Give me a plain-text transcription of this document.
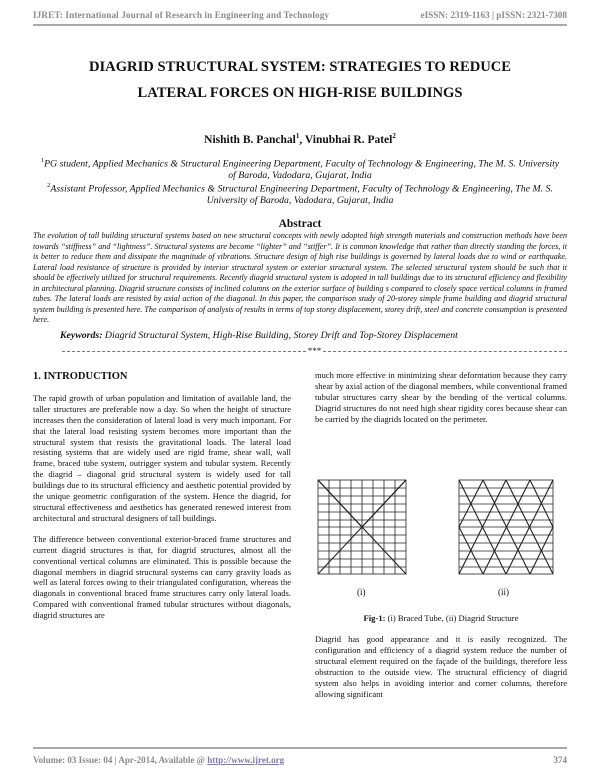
IJRET: International Journal of Research in Engineering and Technology	eISSN: 2319-1163 | pISSN: 2321-7308
DIAGRID STRUCTURAL SYSTEM: STRATEGIES TO REDUCE
LATERAL FORCES ON HIGH-RISE BUILDINGS
Nishith B. Panchal$^1$, Vinubhai R. Patel$^2$
$^1$PG student, Applied Mechanics & Structural Engineering Department, Faculty of Technology & Engineering, The M. S. University of Baroda, Vadodara, Gujarat, India
$^2$Assistant Professor, Applied Mechanics & Structural Engineering Department, Faculty of Technology & Engineering, The M. S. University of Baroda, Vadodara, Gujarat, India
Abstract
The evolution of tall building structural systems based on new structural concepts with newly adopted high strength materials and construction methods have been towards “stiffness” and “lightness”. Structural systems are become “lighter” and “stiffer”. It is common knowledge that rather than directly standing the forces, it is better to reduce them and dissipate the magnitude of vibrations. Structure design of high rise buildings is governed by lateral loads due to wind or earthquake. Lateral load resistance of structure is provided by interior structural system or exterior structural system. The selected structural system should be such that it should be effectively utilized for structural requirements. Recently diagrid structural system is adopted in tall buildings due to its structural efficiency and flexibility in architectural planning. Diagrid structure consists of inclined columns on the exterior surface of building s compared to closely space vertical columns in framed tubes. The lateral loads are resisted by axial action of the diagonal. In this paper, the comparison study of 20-storey simple frame building and diagrid structural system building is presented here. The comparison of analysis of results in terms of top storey displacement, storey drift, steel and concrete consumption is presented here.
Keywords: Diagrid Structural System, High-Rise Building, Storey Drift and Top-Storey Displacement
***
1. INTRODUCTION
The rapid growth of urban population and limitation of available land, the taller structures are preferable now a day. So when the height of structure increases then the consideration of lateral load is very much important. For that the lateral load resisting system becomes more important than the structural system that resists the gravitational loads. The lateral load resisting systems that are widely used are rigid frame, shear wall, wall frame, braced tube system, outrigger system and tubular system. Recently the diagrid – diagonal grid structural system is widely used for tall buildings due to its structural efficiency and aesthetic potential provided by the unique geometric configuration of the system. Hence the diagrid, for structural effectiveness and aesthetics has generated renewed interest from architectural and structural designers of tall buildings.
The difference between conventional exterior-braced frame structures and current diagrid structures is that, for diagrid structures, almost all the conventional vertical columns are eliminated. This is possible because the diagonal members in diagrid structural systems can carry gravity loads as well as lateral forces owing to their triangulated configuration, whereas the diagonals in conventional braced frame structures carry only lateral loads. Compared with conventional framed tubular structures without diagonals, diagrid structures are
much more effective in minimizing shear deformation because they carry shear by axial action of the diagonal members, while conventional framed tubular structures carry shear by the bending of the vertical columns. Diagrid structures do not need high shear rigidity cores because shear can be carried by the diagrids located on the perimeter.
(i)	(ii)
Fig-1: (i) Braced Tube, (ii) Diagrid Structure
Diagrid has good appearance and it is easily recognized. The configuration and efficiency of a diagrid system reduce the number of structural element required on the façade of the buildings, therefore less obstruction to the outside view. The structural efficiency of diagrid system also helps in avoiding interior and corner columns, therefore allowing significant
Volume: 03 Issue: 04 | Apr-2014, Available @ http://www.ijret.org	374
